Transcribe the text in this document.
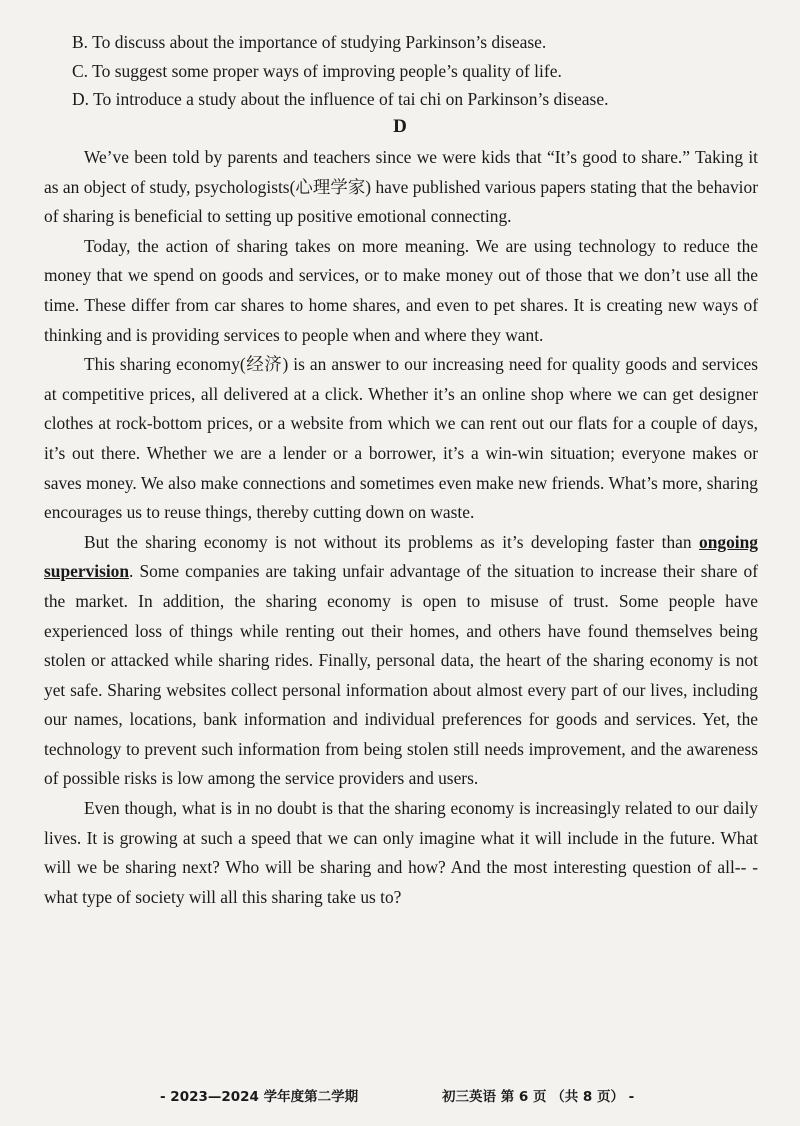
B. To discuss about the importance of studying Parkinson’s disease.
C. To suggest some proper ways of improving people’s quality of life.
D. To introduce a study about the influence of tai chi on Parkinson’s disease.
D

We’ve been told by parents and teachers since we were kids that “It’s good to share.” Taking it as an object of study, psychologists(心理学家) have published various papers stating that the behavior of sharing is beneficial to setting up positive emotional connecting.

Today, the action of sharing takes on more meaning. We are using technology to reduce the money that we spend on goods and services, or to make money out of those that we don’t use all the time. These differ from car shares to home shares, and even to pet shares. It is creating new ways of thinking and is providing services to people when and where they want.

This sharing economy(经济) is an answer to our increasing need for quality goods and services at competitive prices, all delivered at a click. Whether it’s an online shop where we can get designer clothes at rock-bottom prices, or a website from which we can rent out our flats for a couple of days, it’s out there. Whether we are a lender or a borrower, it’s a win-win situation; everyone makes or saves money. We also make connections and sometimes even make new friends. What’s more, sharing encourages us to reuse things, thereby cutting down on waste.

But the sharing economy is not without its problems as it’s developing faster than ongoing supervision. Some companies are taking unfair advantage of the situation to increase their share of the market. In addition, the sharing economy is open to misuse of trust. Some people have experienced loss of things while renting out their homes, and others have found themselves being stolen or attacked while sharing rides. Finally, personal data, the heart of the sharing economy is not yet safe. Sharing websites collect personal information about almost every part of our lives, including our names, locations, bank information and individual preferences for goods and services. Yet, the technology to prevent such information from being stolen still needs improvement, and the awareness of possible risks is low among the service providers and users.

Even though, what is in no doubt is that the sharing economy is increasingly related to our daily lives. It is growing at such a speed that we can only imagine what it will include in the future. What will we be sharing next? Who will be sharing and how? And the most interesting question of all-- - what type of society will all this sharing take us to?

- 2023—2024 学年度第二学期	初三英语 第 6 页 （共 8 页） -
